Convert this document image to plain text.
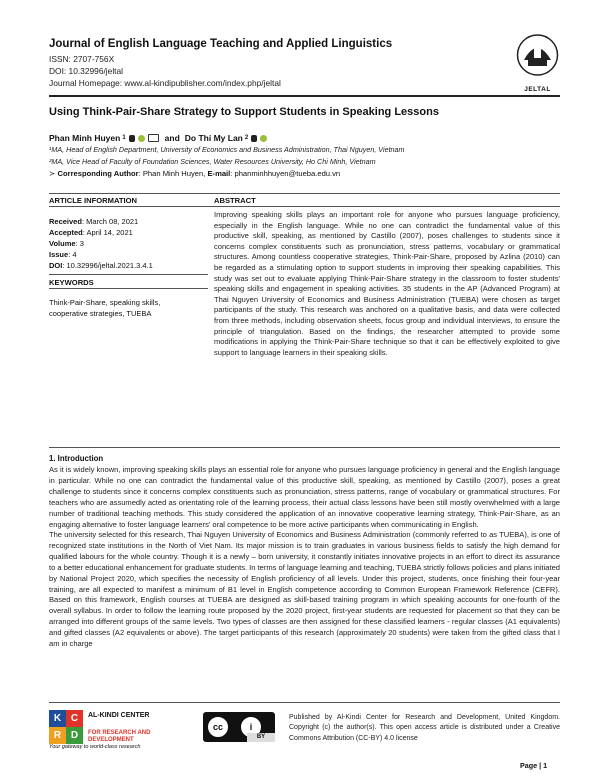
Journal of English Language Teaching and Applied Linguistics
ISSN: 2707-756X
DOI: 10.32996/jeltal
Journal Homepage: www.al-kindipublisher.com/index.php/jeltal
JELTAL
Using Think-Pair-Share Strategy to Support Students in Speaking Lessons
Phan Minh Huyen 1	and Do Thi My Lan 2
¹MA, Head of English Department, University of Economics and Business Administration, Thai Nguyen, Vietnam
²MA, Vice Head of Faculty of Foundation Sciences, Water Resources University, Ho Chi Minh, Vietnam
≻ Corresponding Author: Phan Minh Huyen, E-mail: phanminhhuyen@tueba.edu.vn
ARTICLE INFORMATION	ABSTRACT
Received: March 08, 2021
Accepted: April 14, 2021
Volume: 3
Issue: 4
DOI: 10.32996/jeltal.2021.3.4.1
KEYWORDS
Think-Pair-Share, speaking skills, cooperative strategies, TUEBA
Improving speaking skills plays an important role for anyone who pursues language proficiency, especially in the English language. While no one can contradict the fundamental value of this productive skill, speaking, as mentioned by Castillo (2007), poses challenges to students since it concerns complex constituents such as pronunciation, stress patterns, vocabulary or grammatical structures. Among countless cooperative strategies, Think-Pair-Share, proposed by Azlina (2010) can be regarded as a stimulating option to support students in improving their speaking capabilities. This study was set out to evaluate applying Think-Pair-Share strategy in the classroom to foster students' speaking skills and engagement in speaking activities. 35 students in the AP (Advanced Program) at Thai Nguyen University of Economics and Business Administration (TUEBA) were chosen as target participants of the study. This research was anchored on a qualitative basis, and data were collected from three methods, including observation sheets, focus group and individual interviews, to ensure the principle of triangulation. Based on the findings, the researcher attempted to provide some modifications in applying the Think-Pair-Share technique so that it can be effectively exploited to give support to language learners in their speaking skills.
1. Introduction
As it is widely known, improving speaking skills plays an essential role for anyone who pursues language proficiency in general and the English language in particular. While no one can contradict the fundamental value of this productive skill, speaking, as mentioned by Castillo (2007), poses a great challenge to students since it concerns complex constituents such as pronunciation, stress patterns, range of vocabulary or grammatical structures. For teachers who are assumedly acted as orientating role of the learning process, their actual class lessons have been still mostly overwhelmed with a large number of traditional teaching methods. This study considered the application of an innovative cooperative learning strategy, Think-Pair-Share, as an engaging alternative to foster language learners' oral competence to be more active participants when communicating in English.
The university selected for this research, Thai Nguyen University of Economics and Business Administration (commonly referred to as TUEBA), is one of recognized state institutions in the North of Viet Nam. Its major mission is to train graduates in various business fields to satisfy the high demand for qualified labours for the whole country. Though it is a newly – born university, it constantly initiates innovative projects in an effort to direct its assurance to a better educational enhancement for graduate students. In terms of language learning and teaching, TUEBA strictly follows policies and plans initiated by National Project 2020, which specifies the necessity of English proficiency of all levels. Under this project, students, once finishing their four-year training, are all expected to manifest a minimum of B1 level in English competence according to Common European Framework Reference (CEFR). Based on this framework, English courses at TUEBA are designed as skill-based training program in which speaking accounts for one-fourth of the overall syllabus. In order to follow the learning route proposed by the 2020 project, first-year students are requested for placement so that they can be arranged into different groups of the same levels. Two types of classes are then assigned for these classified learners - regular classes (A1 equivalents) and gifted classes (A2 equivalents or above). The target participants of this research (approximately 20 students) were taken from the gifted class that I am in charge
K C
R D
AL-KINDI CENTER
FOR RESEARCH AND
DEVELOPMENT
Your gateway to world-class research
cc	i
BY
Published by Al-Kindi Center for Research and Development, United Kingdom. Copyright (c) the author(s). This open access article is distributed under a Creative Commons Attribution (CC-BY) 4.0 license
Page | 1
